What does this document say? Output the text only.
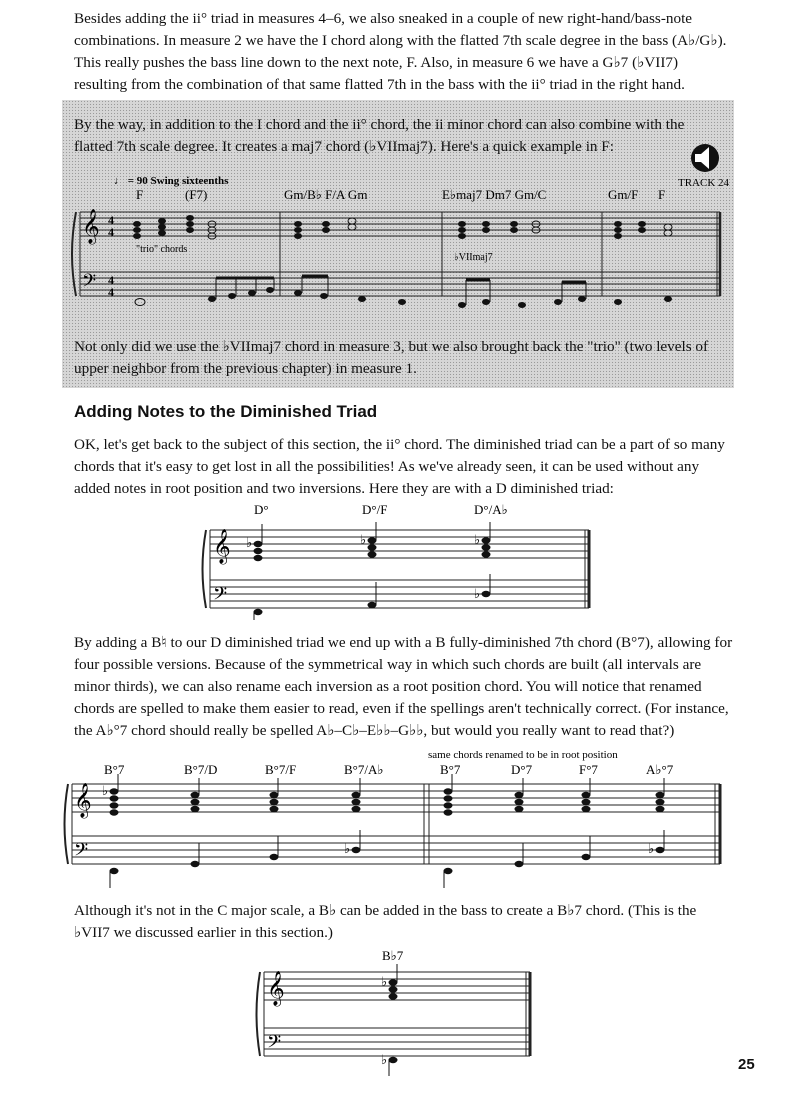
Besides adding the ii° triad in measures 4–6, we also sneaked in a couple of new right-hand/bass-note combinations. In measure 2 we have the I chord along with the flatted 7th scale degree in the bass (A♭/G♭). This really pushes the bass line down to the next note, F. Also, in measure 6 we have a G♭7 (♭VII7) resulting from the combination of that same flatted 7th in the bass with the ii° triad in the right hand.

By the way, in addition to the I chord and the ii° chord, the ii minor chord can also combine with the flatted 7th scale degree. It creates a maj7 chord (♭VIImaj7). Here's a quick example in F:

TRACK 24
♩ = 90 Swing sixteenths
F	(F7)	Gm/B♭ F/A Gm	E♭maj7 Dm7 Gm/C	Gm/F F
𝄞
𝄢
4
4
4
4
"trio" chords
♭VIImaj7

Not only did we use the ♭VIImaj7 chord in measure 3, but we also brought back the "trio" (two levels of upper neighbor from the previous chapter) in measure 1.

Adding Notes to the Diminished Triad

OK, let's get back to the subject of this section, the ii° chord. The diminished triad can be a part of so many chords that it's easy to get lost in all the possibilities! As we've already seen, it can be used without any added notes in root position and two inversions. Here they are with a D diminished triad:

D°	D°/F	D°/A♭
𝄞
𝄢
♭	♭	♭
♭

By adding a B♮ to our D diminished triad we end up with a B fully-diminished 7th chord (B°7), allowing for four possible versions. Because of the symmetrical way in which such chords are built (all intervals are minor thirds), we can also rename each inversion as a root position chord. You will notice that renamed chords are spelled to make them easier to read, even if the spellings aren't technically correct. (For instance, the A♭°7 chord should really be spelled A♭–C♭–E♭♭–G♭♭, but would you really want to read that?)

same chords renamed to be in root position
B°7	B°7/D	B°7/F	B°7/A♭	B°7	D°7	F°7	A♭°7
𝄞
𝄢
♭
♭	♭

Although it's not in the C major scale, a B♭ can be added in the bass to create a B♭7 chord. (This is the ♭VII7 we discussed earlier in this section.)

B♭7
𝄞
𝄢
♭
♭	25
